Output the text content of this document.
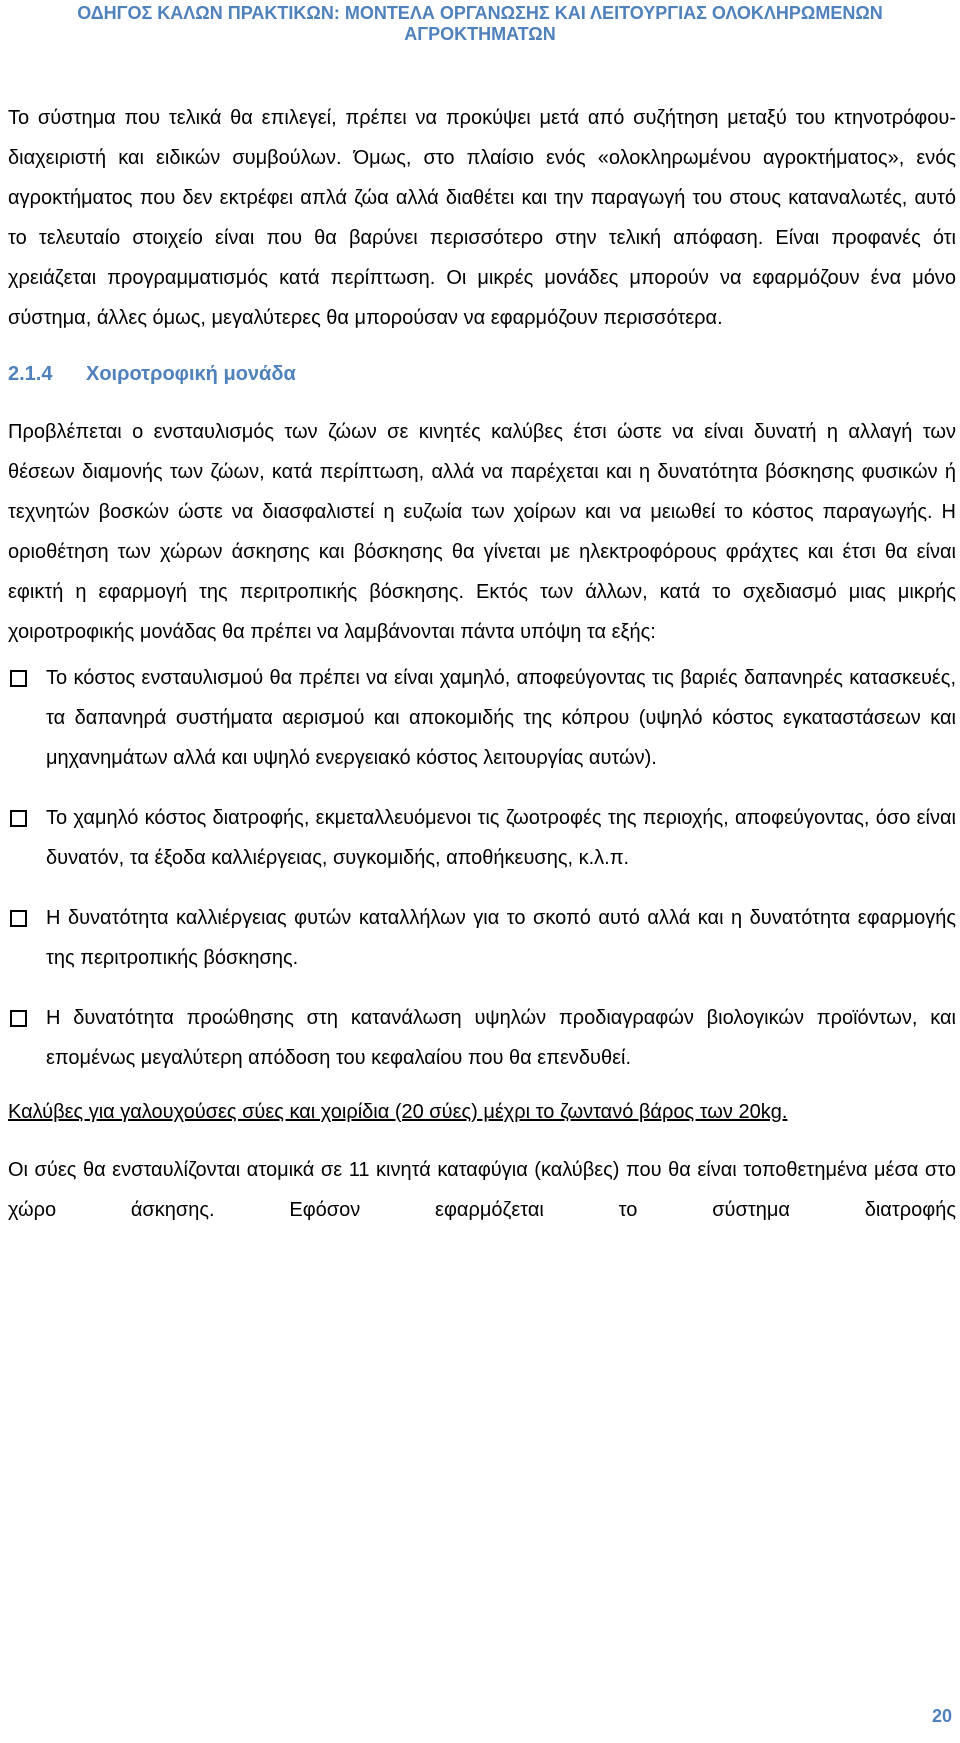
ΟΔΗΓΟΣ ΚΑΛΩΝ ΠΡΑΚΤΙΚΩΝ: ΜΟΝΤΕΛΑ ΟΡΓΑΝΩΣΗΣ ΚΑΙ ΛΕΙΤΟΥΡΓΙΑΣ ΟΛΟΚΛΗΡΩΜΕΝΩΝ
ΑΓΡΟΚΤΗΜΑΤΩΝ

Το σύστημα που τελικά θα επιλεγεί, πρέπει να προκύψει μετά από συζήτηση μεταξύ του κτηνοτρόφου-διαχειριστή και ειδικών συμβούλων. Όμως, στο πλαίσιο ενός «ολοκληρωμένου αγροκτήματος», ενός αγροκτήματος που δεν εκτρέφει απλά ζώα αλλά διαθέτει και την παραγωγή του στους καταναλωτές, αυτό το τελευταίο στοιχείο είναι που θα βαρύνει περισσότερο στην τελική απόφαση. Είναι προφανές ότι χρειάζεται προγραμματισμός κατά περίπτωση. Οι μικρές μονάδες μπορούν να εφαρμόζουν ένα μόνο σύστημα, άλλες όμως, μεγαλύτερες θα μπορούσαν να εφαρμόζουν περισσότερα.

2.1.4 Χοιροτροφική μονάδα

Προβλέπεται ο ενσταυλισμός των ζώων σε κινητές καλύβες έτσι ώστε να είναι δυνατή η αλλαγή των θέσεων διαμονής των ζώων, κατά περίπτωση, αλλά να παρέχεται και η δυνατότητα βόσκησης φυσικών ή τεχνητών βοσκών ώστε να διασφαλιστεί η ευζωία των χοίρων και να μειωθεί το κόστος παραγωγής. Η οριοθέτηση των χώρων άσκησης και βόσκησης θα γίνεται με ηλεκτροφόρους φράχτες και έτσι θα είναι εφικτή η εφαρμογή της περιτροπικής βόσκησης. Εκτός των άλλων, κατά το σχεδιασμό μιας μικρής χοιροτροφικής μονάδας θα πρέπει να λαμβάνονται πάντα υπόψη τα εξής:

Το κόστος ενσταυλισμού θα πρέπει να είναι χαμηλό, αποφεύγοντας τις βαριές δαπανηρές κατασκευές, τα δαπανηρά συστήματα αερισμού και αποκομιδής της κόπρου (υψηλό κόστος εγκαταστάσεων και μηχανημάτων αλλά και υψηλό ενεργειακό κόστος λειτουργίας αυτών).
Το χαμηλό κόστος διατροφής, εκμεταλλευόμενοι τις ζωοτροφές της περιοχής, αποφεύγοντας, όσο είναι δυνατόν, τα έξοδα καλλιέργειας, συγκομιδής, αποθήκευσης, κ.λ.π.
Η δυνατότητα καλλιέργειας φυτών καταλλήλων για το σκοπό αυτό αλλά και η δυνατότητα εφαρμογής της περιτροπικής βόσκησης.
Η δυνατότητα προώθησης στη κατανάλωση υψηλών προδιαγραφών βιολογικών προϊόντων, και επομένως μεγαλύτερη απόδοση του κεφαλαίου που θα επενδυθεί.

Καλύβες για γαλουχούσες σύες και χοιρίδια (20 σύες) μέχρι το ζωντανό βάρος των 20kg.

Οι σύες θα ενσταυλίζονται ατομικά σε 11 κινητά καταφύγια (καλύβες) που θα είναι τοποθετημένα μέσα στο χώρο άσκησης. Εφόσον εφαρμόζεται το σύστημα διατροφής

20
